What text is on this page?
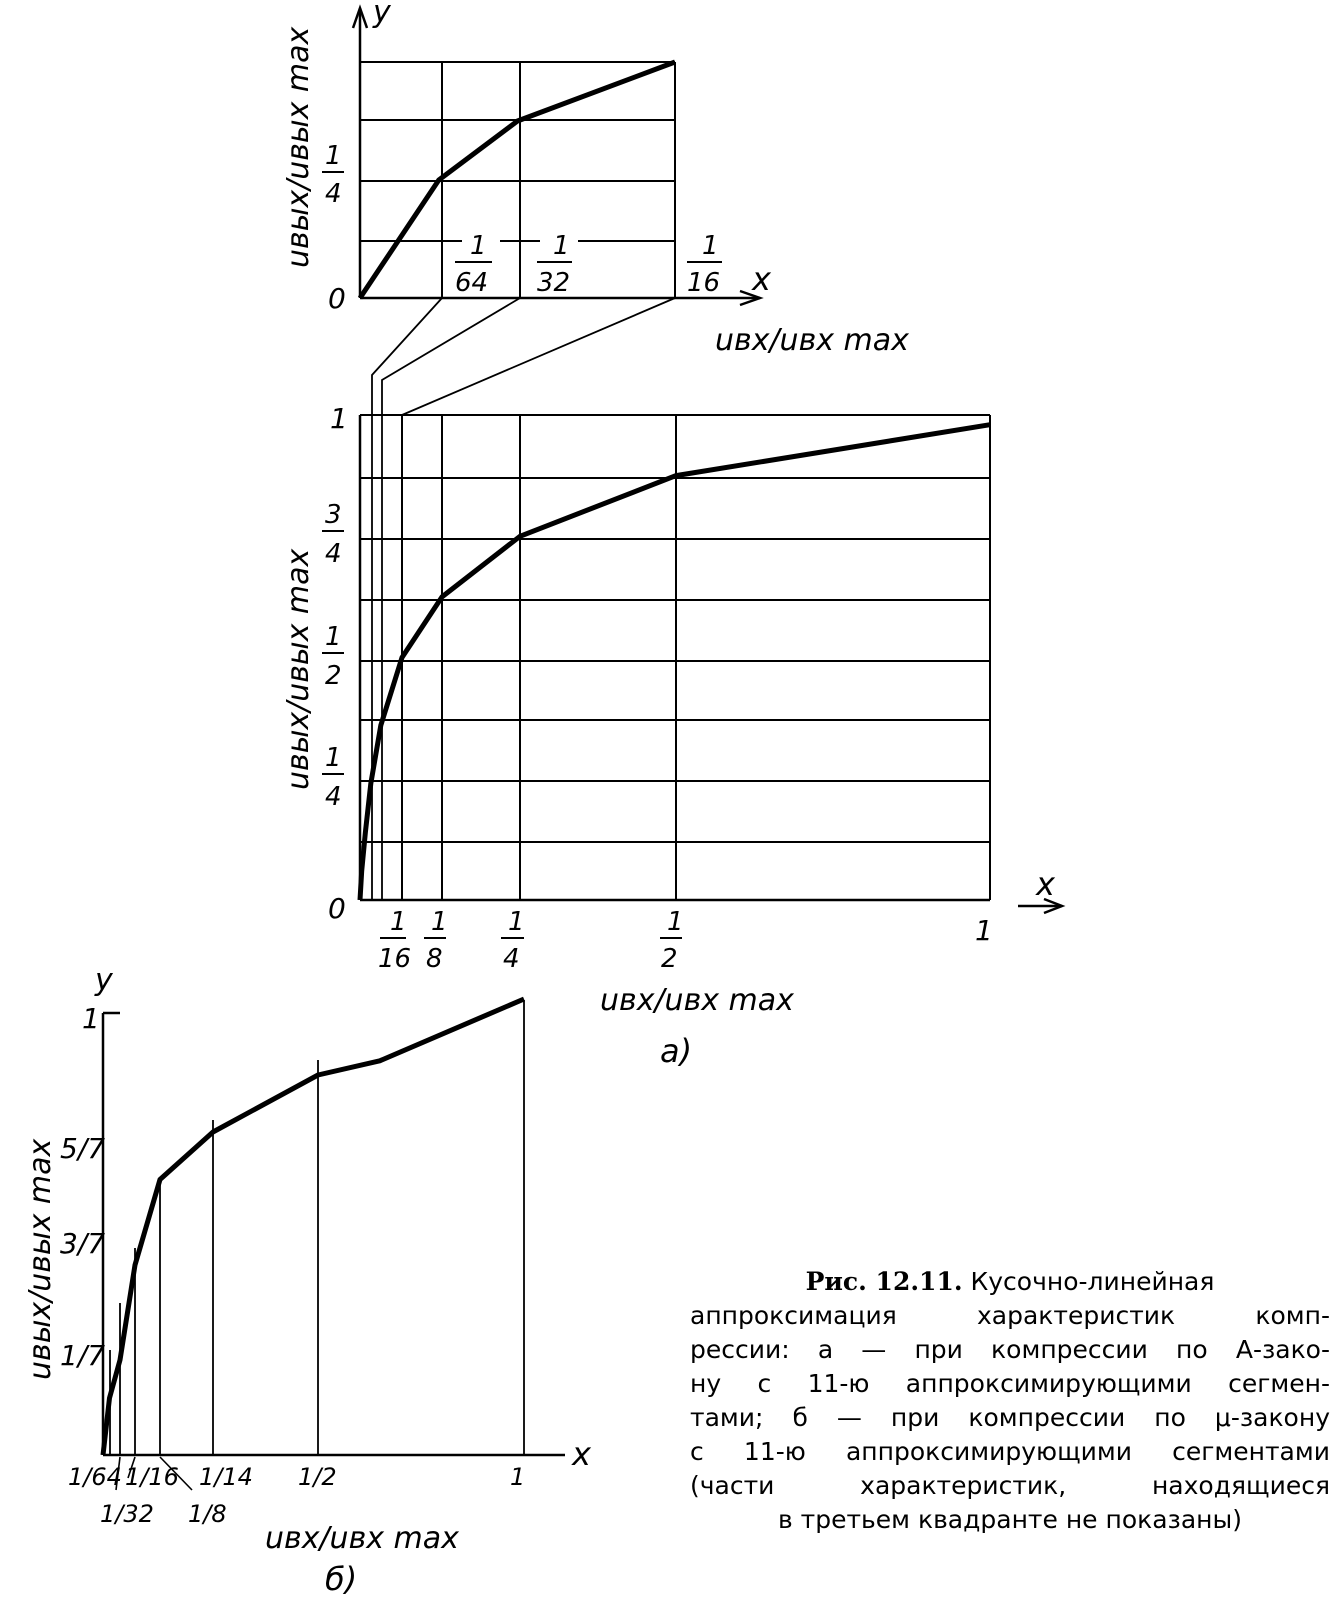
y
x
0
uвх/uвх max
uвых/uвых max 1
4
1
64
1
32
1
16
x
0
1
uвых/uвых max
uвх/uвх max
а)
3
4
1
2
1
4
1
16
1
8
1
4
1
2
1
y
x
uвых/uвых max
uвх/uвх max
б)
1
5/7
3/7
1/7
1/64
1/32
1/16
1/8
1/14 1/2	1
Рис. 12.11. Кусочно-линейная
аппроксимация характеристик комп-
рессии: a — при компрессии по А-зако-
ну с 11-ю аппроксимирующими сегмен-
тами; б — при компрессии по μ-закону
с 11-ю аппроксимирующими сегментами
(части характеристик, находящиеся
в третьем квадранте не показаны)
